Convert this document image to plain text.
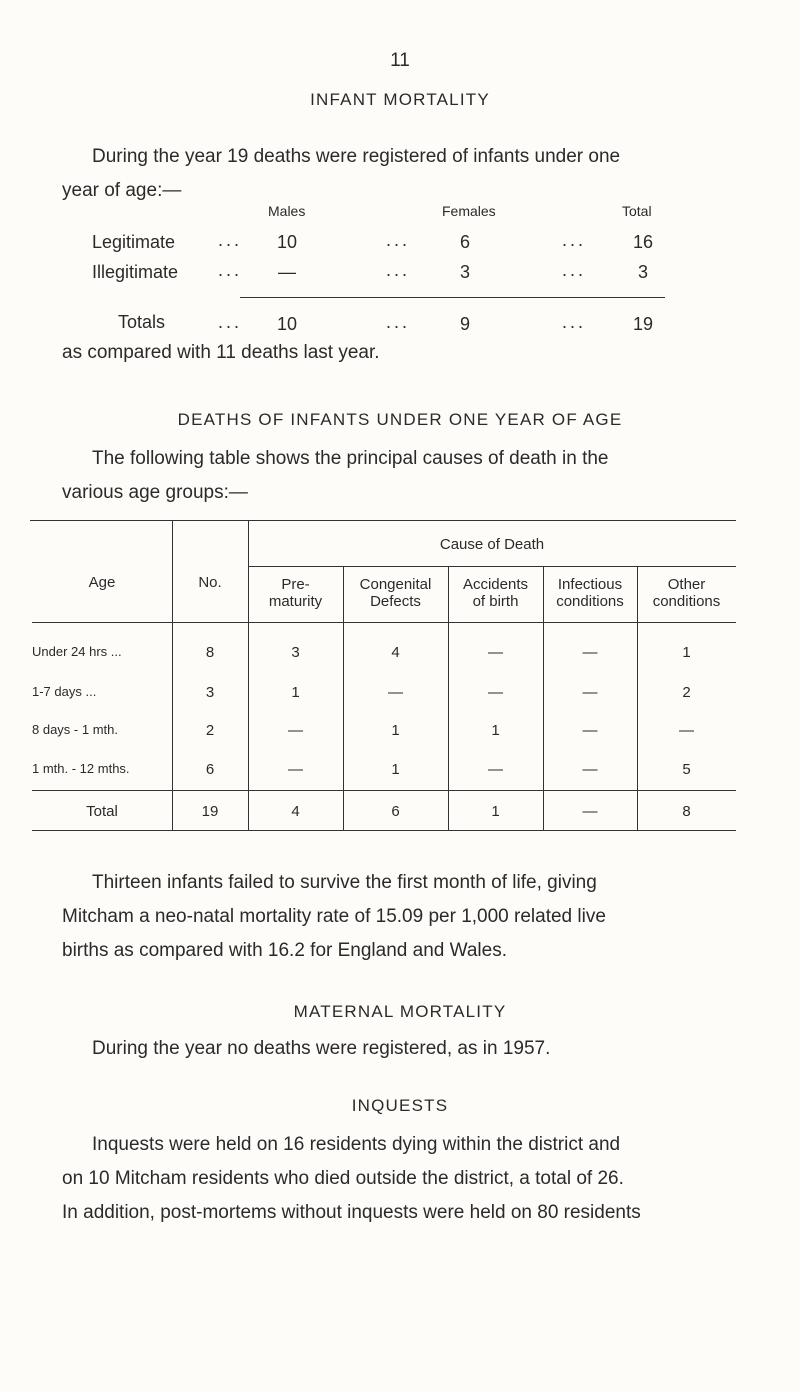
11
INFANT MORTALITY
During the year 19 deaths were registered of infants under one
year of age:—
Males	Females	Total
Legitimate ...	10	...	6	...	16
Illegitimate ...	—	...	3	...	3
Totals	...	10	...	9	...	19
as compared with 11 deaths last year.
DEATHS OF INFANTS UNDER ONE YEAR OF AGE
The following table shows the principal causes of death in the
various age groups:—
Age	No.
Cause of Death
Pre-
maturity
Congenital
Defects
Accidents
of birth
Infectious
conditions
Other
conditions
Under 24 hrs ...	8	3	4	—	—	1
1-7 days ...	3	1	—	—	—	2
8 days - 1 mth.	2	—	1	1	—	—
1 mth. - 12 mths.	6	—	1	—	—	5
Total	19	4	6	1	—	8
Thirteen infants failed to survive the first month of life, giving
Mitcham a neo-natal mortality rate of 15.09 per 1,000 related live
births as compared with 16.2 for England and Wales.
MATERNAL MORTALITY
During the year no deaths were registered, as in 1957.
INQUESTS
Inquests were held on 16 residents dying within the district and
on 10 Mitcham residents who died outside the district, a total of 26.
In addition, post-mortems without inquests were held on 80 residents
